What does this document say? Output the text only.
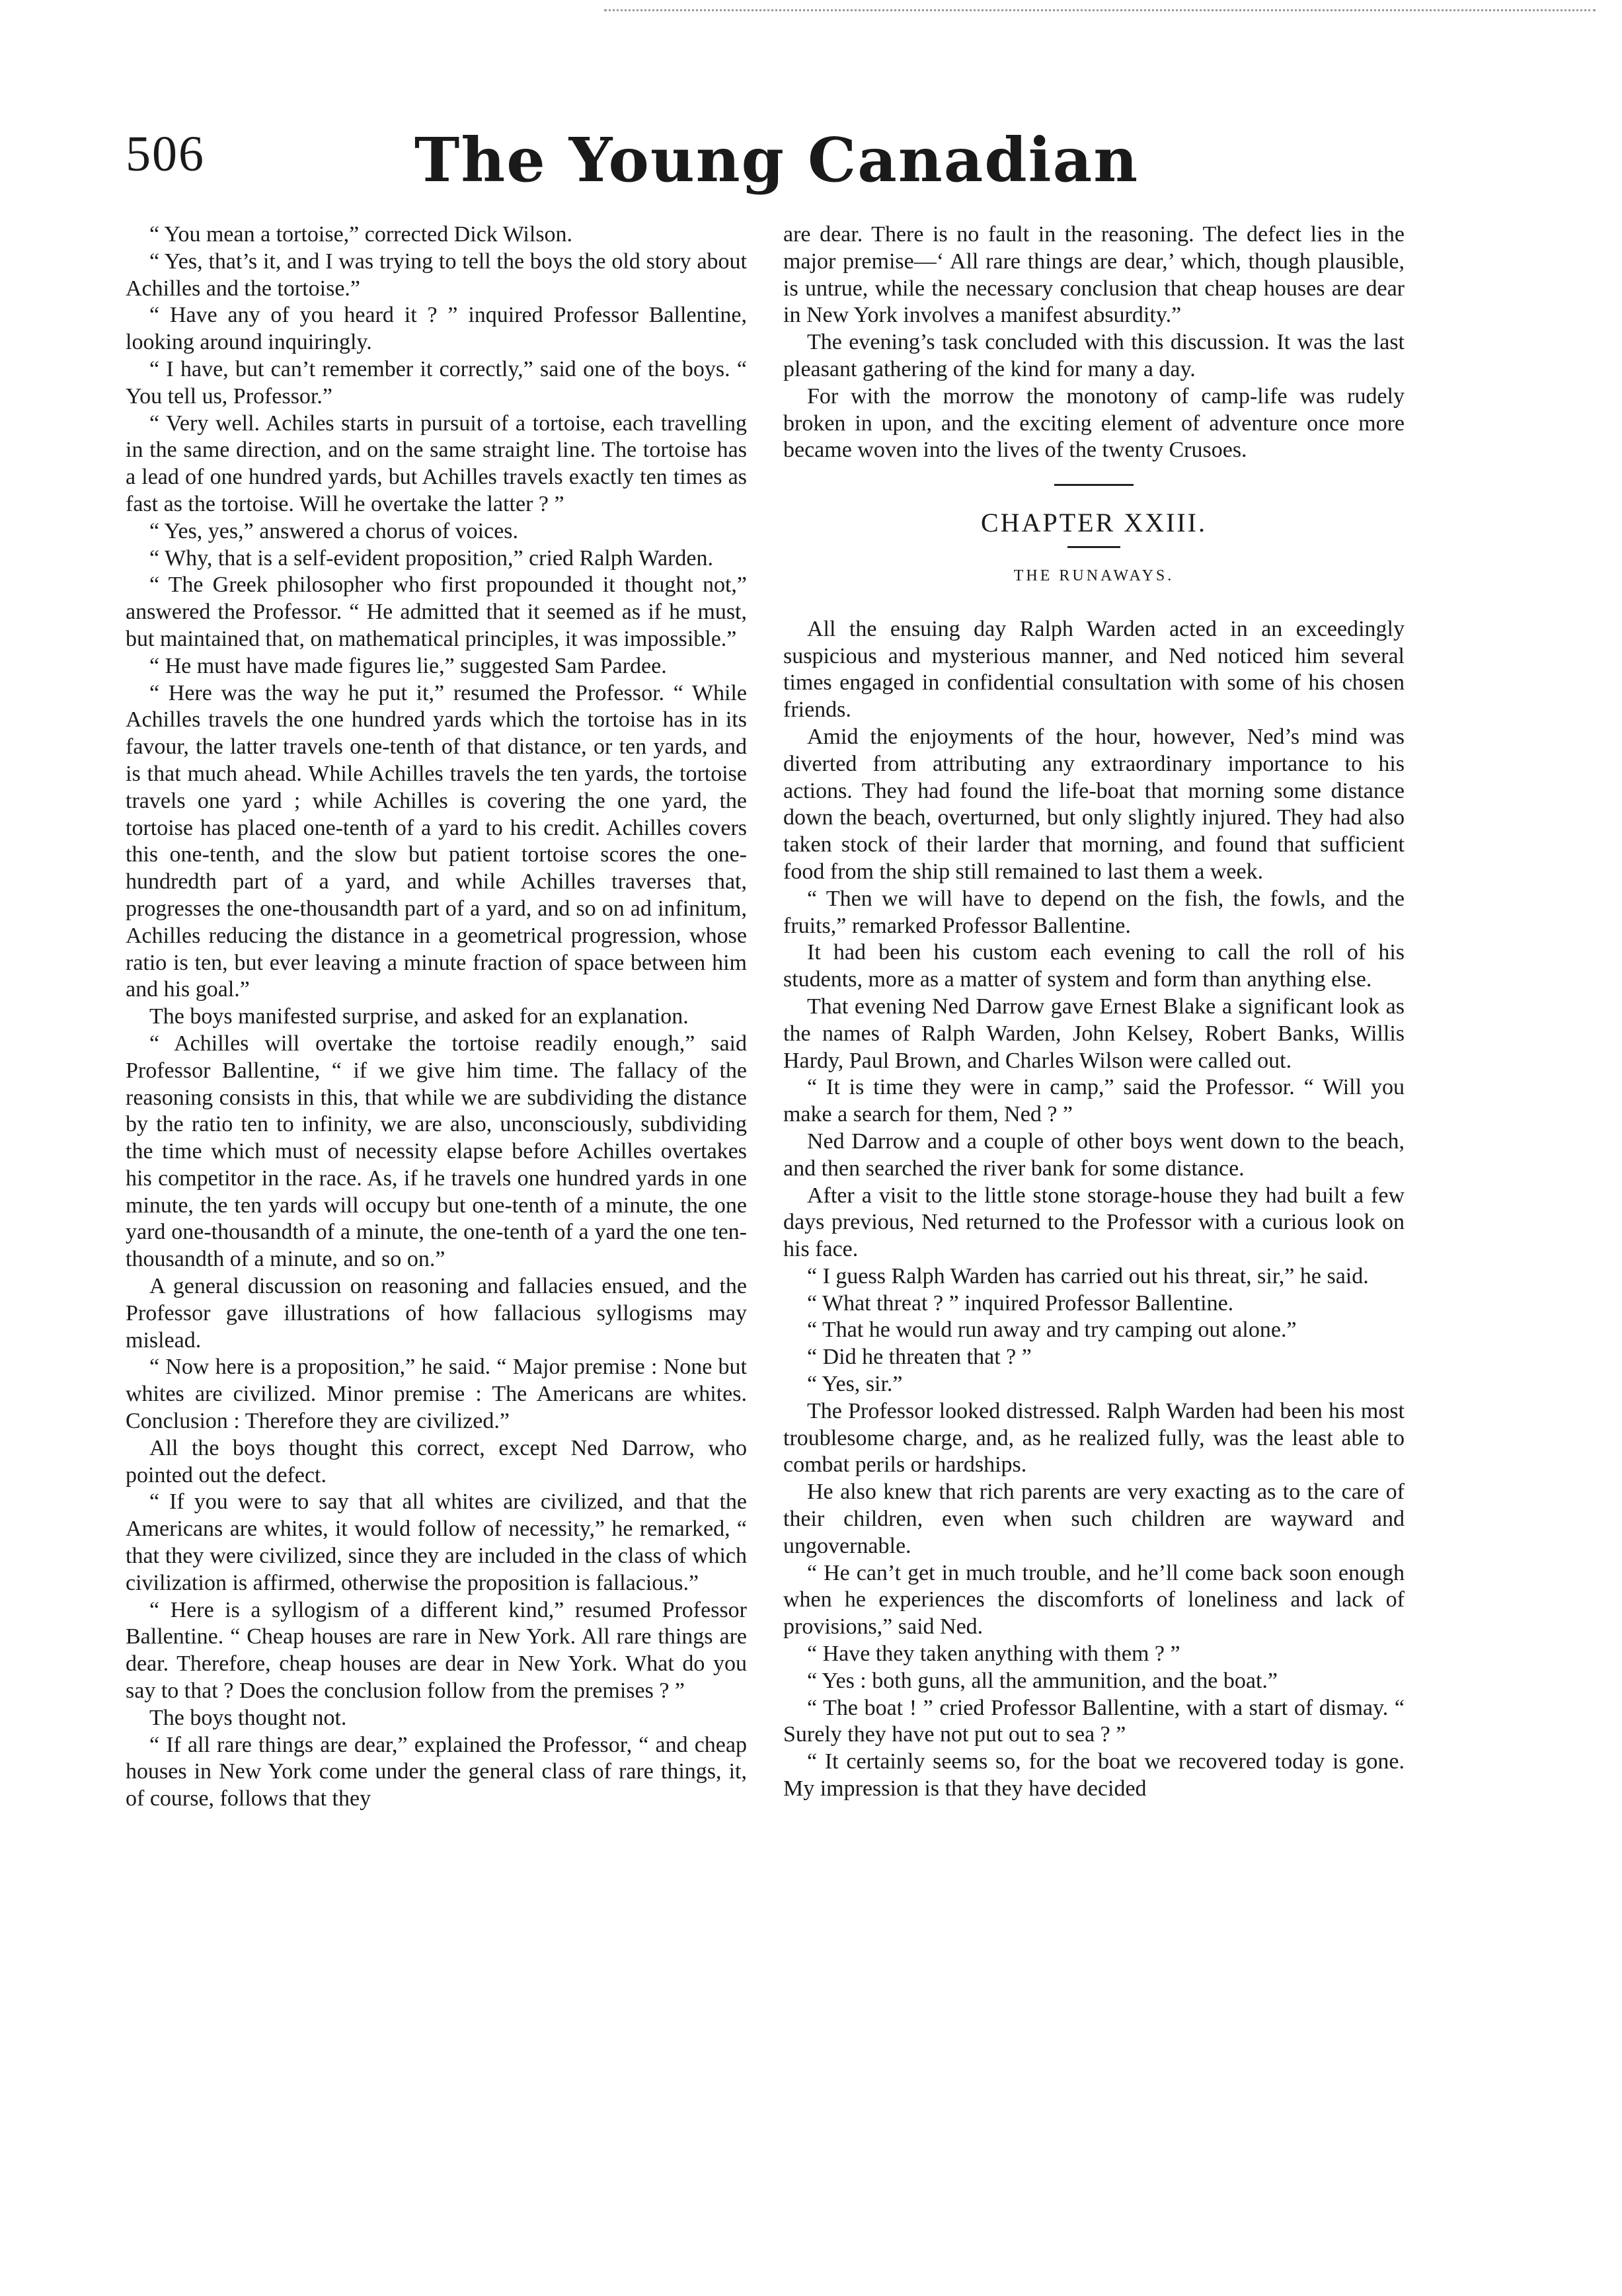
506	The Young Canadian

“ You mean a tortoise,” corrected Dick Wilson.

“ Yes, that’s it, and I was trying to tell the boys the old story about Achilles and the tortoise.”

“ Have any of you heard it ? ” inquired Professor Ballentine, looking around inquiringly.

“ I have, but can’t remember it correctly,” said one of the boys. “ You tell us, Professor.”

“ Very well. Achiles starts in pursuit of a tortoise, each travelling in the same direction, and on the same straight line. The tortoise has a lead of one hundred yards, but Achilles travels exactly ten times as fast as the tortoise. Will he overtake the latter ? ”

“ Yes, yes,” answered a chorus of voices.

“ Why, that is a self-evident proposition,” cried Ralph Warden.

“ The Greek philosopher who first propounded it thought not,” answered the Professor. “ He admitted that it seemed as if he must, but maintained that, on mathematical principles, it was impossible.”

“ He must have made figures lie,” suggested Sam Pardee.

“ Here was the way he put it,” resumed the Professor. “ While Achilles travels the one hundred yards which the tortoise has in its favour, the latter travels one-tenth of that distance, or ten yards, and is that much ahead. While Achilles travels the ten yards, the tortoise travels one yard ; while Achilles is covering the one yard, the tortoise has placed one-tenth of a yard to his credit. Achilles covers this one-tenth, and the slow but patient tortoise scores the one-hundredth part of a yard, and while Achilles traverses that, progresses the one-thousandth part of a yard, and so on ad infinitum, Achilles reducing the distance in a geometrical progression, whose ratio is ten, but ever leaving a minute fraction of space between him and his goal.”

The boys manifested surprise, and asked for an explanation.

“ Achilles will overtake the tortoise readily enough,” said Professor Ballentine, “ if we give him time. The fallacy of the reasoning consists in this, that while we are subdividing the distance by the ratio ten to infinity, we are also, unconsciously, subdividing the time which must of necessity elapse before Achilles overtakes his competitor in the race. As, if he travels one hundred yards in one minute, the ten yards will occupy but one-tenth of a minute, the one yard one-thousandth of a minute, the one-tenth of a yard the one ten-thousandth of a minute, and so on.”

A general discussion on reasoning and fallacies ensued, and the Professor gave illustrations of how fallacious syllogisms may mislead.

“ Now here is a proposition,” he said. “ Major premise : None but whites are civilized. Minor premise : The Americans are whites. Conclusion : Therefore they are civilized.”

All the boys thought this correct, except Ned Darrow, who pointed out the defect.

“ If you were to say that all whites are civilized, and that the Americans are whites, it would follow of necessity,” he remarked, “ that they were civilized, since they are included in the class of which civilization is affirmed, otherwise the proposition is fallacious.”

“ Here is a syllogism of a different kind,” resumed Professor Ballentine. “ Cheap houses are rare in New York. All rare things are dear. Therefore, cheap houses are dear in New York. What do you say to that ? Does the conclusion follow from the premises ? ”

The boys thought not.

“ If all rare things are dear,” explained the Professor, “ and cheap houses in New York come under the general class of rare things, it, of course, follows that they

are dear. There is no fault in the reasoning. The defect lies in the major premise—‘ All rare things are dear,’ which, though plausible, is untrue, while the necessary conclusion that cheap houses are dear in New York involves a manifest absurdity.”

The evening’s task concluded with this discussion. It was the last pleasant gathering of the kind for many a day.

For with the morrow the monotony of camp-life was rudely broken in upon, and the exciting element of adventure once more became woven into the lives of the twenty Crusoes.

CHAPTER XXIII.
THE RUNAWAYS.

All the ensuing day Ralph Warden acted in an exceedingly suspicious and mysterious manner, and Ned noticed him several times engaged in confidential consultation with some of his chosen friends.

Amid the enjoyments of the hour, however, Ned’s mind was diverted from attributing any extraordinary importance to his actions. They had found the life-boat that morning some distance down the beach, overturned, but only slightly injured. They had also taken stock of their larder that morning, and found that sufficient food from the ship still remained to last them a week.

“ Then we will have to depend on the fish, the fowls, and the fruits,” remarked Professor Ballentine.

It had been his custom each evening to call the roll of his students, more as a matter of system and form than anything else.

That evening Ned Darrow gave Ernest Blake a significant look as the names of Ralph Warden, John Kelsey, Robert Banks, Willis Hardy, Paul Brown, and Charles Wilson were called out.

“ It is time they were in camp,” said the Professor. “ Will you make a search for them, Ned ? ”

Ned Darrow and a couple of other boys went down to the beach, and then searched the river bank for some distance.

After a visit to the little stone storage-house they had built a few days previous, Ned returned to the Professor with a curious look on his face.

“ I guess Ralph Warden has carried out his threat, sir,” he said.

“ What threat ? ” inquired Professor Ballentine.

“ That he would run away and try camping out alone.”

“ Did he threaten that ? ”

“ Yes, sir.”

The Professor looked distressed. Ralph Warden had been his most troublesome charge, and, as he realized fully, was the least able to combat perils or hardships.

He also knew that rich parents are very exacting as to the care of their children, even when such children are wayward and ungovernable.

“ He can’t get in much trouble, and he’ll come back soon enough when he experiences the discomforts of loneliness and lack of provisions,” said Ned.

“ Have they taken anything with them ? ”

“ Yes : both guns, all the ammunition, and the boat.”

“ The boat ! ” cried Professor Ballentine, with a start of dismay. “ Surely they have not put out to sea ? ”

“ It certainly seems so, for the boat we recovered today is gone. My impression is that they have decided
